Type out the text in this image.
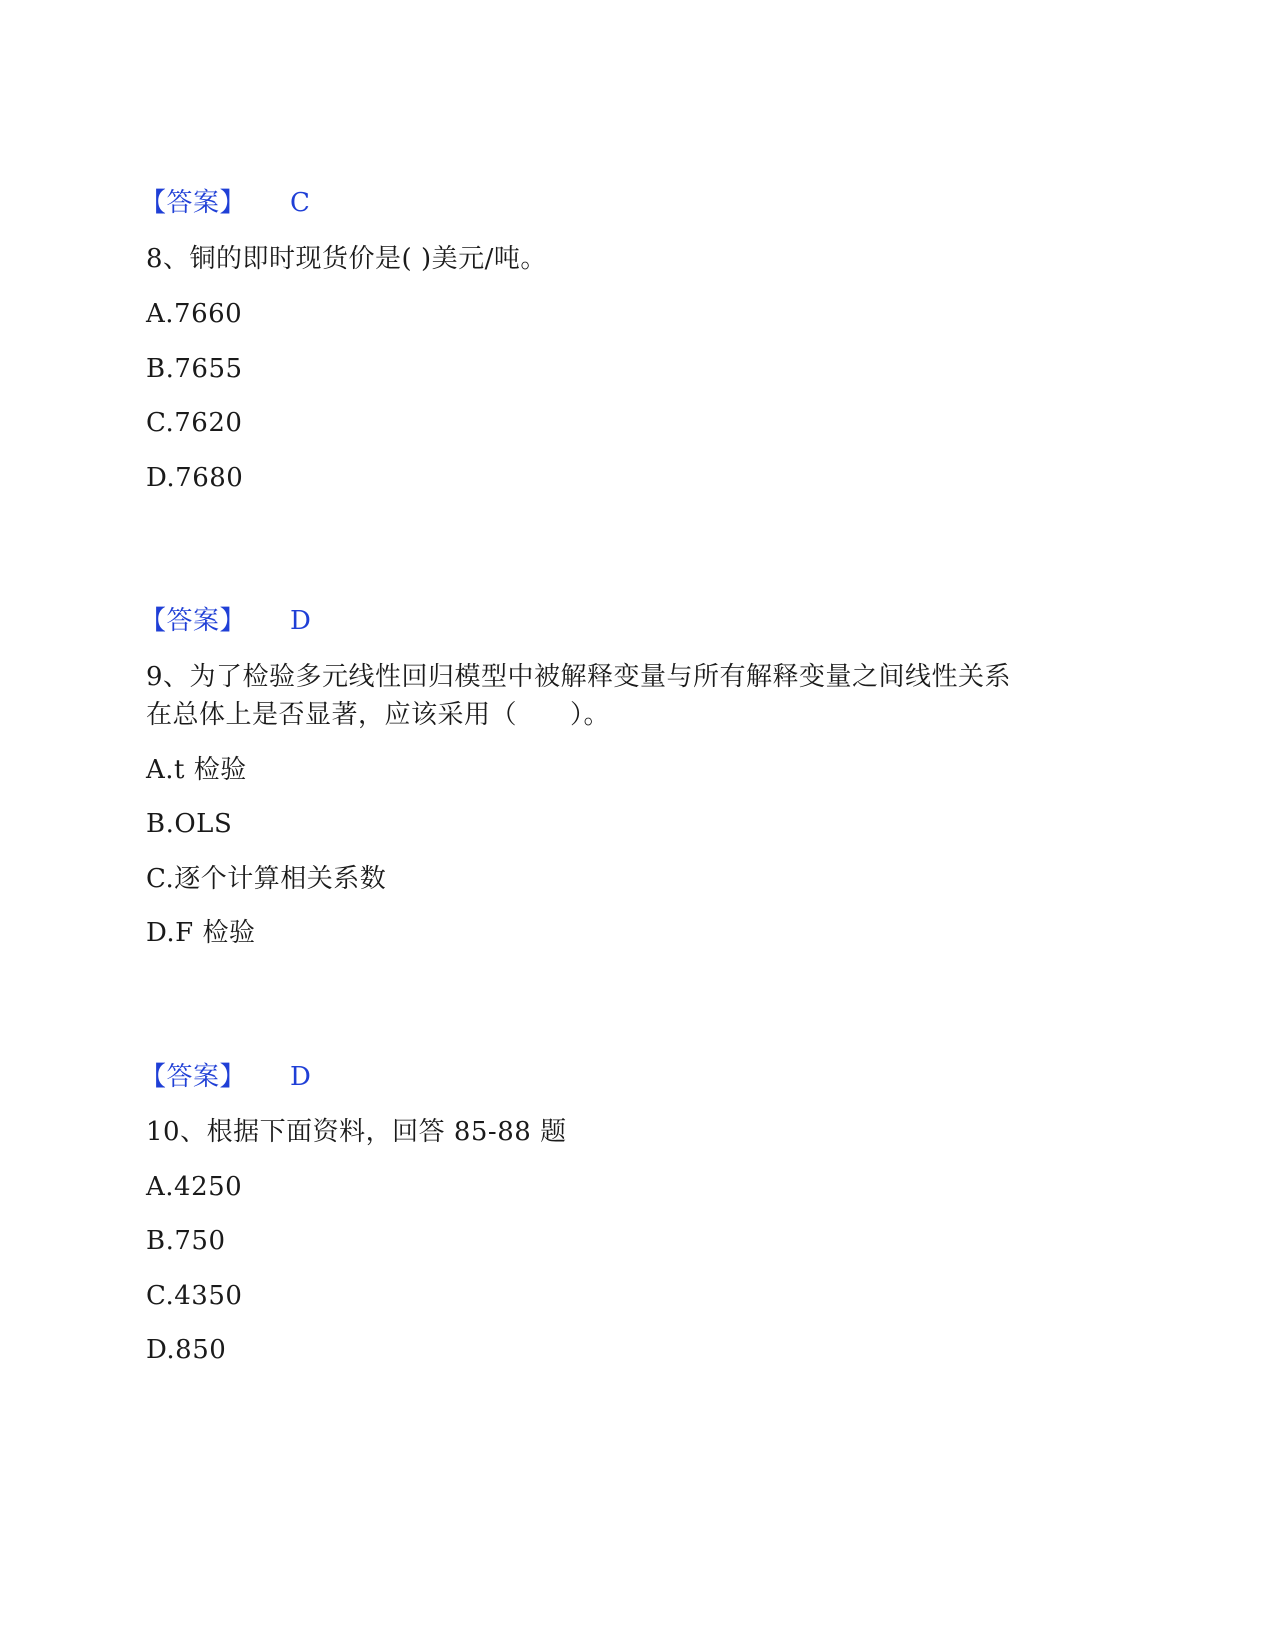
【答案】 C
8、铜的即时现货价是( )美元/吨。
A.7660
B.7655
C.7620
D.7680
【答案】 D
9、为了检验多元线性回归模型中被解释变量与所有解释变量之间线性关系
在总体上是否显著，应该采用（　　）。
A.t 检验
B.OLS
C.逐个计算相关系数
D.F 检验
【答案】 D
10、根据下面资料，回答 85-88 题
A.4250
B.750
C.4350
D.850
